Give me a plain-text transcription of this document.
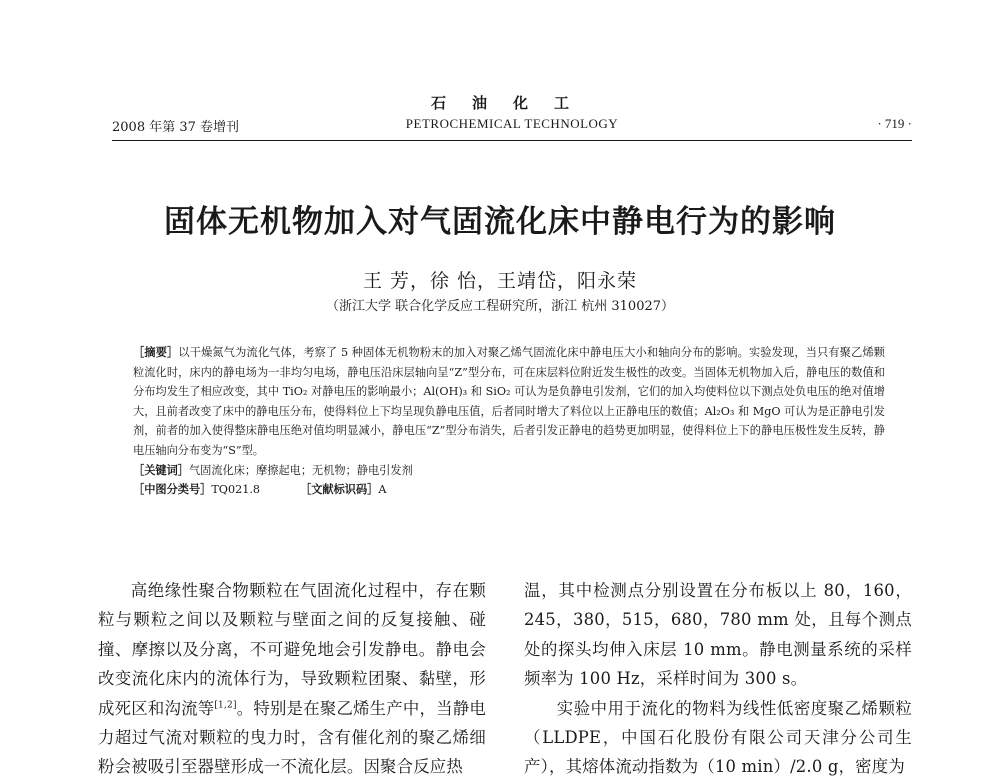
石油化工
2008 年第 37 卷增刊	PETROCHEMICAL TECHNOLOGY	· 719 ·
固体无机物加入对气固流化床中静电行为的影响
王 芳，徐 怡，王靖岱，阳永荣
（浙江大学 联合化学反应工程研究所，浙江 杭州 310027）

［摘要］以干燥氮气为流化气体，考察了 5 种固体无机物粉末的加入对聚乙烯气固流化床中静电压大小和轴向分布的影响。实验发现，当只有聚乙烯颗粒流化时，床内的静电场为一非均匀电场，静电压沿床层轴向呈“Z”型分布，可在床层料位附近发生极性的改变。当固体无机物加入后，静电压的数值和分布均发生了相应改变，其中 TiO₂ 对静电压的影响最小；Al(OH)₃ 和 SiO₂ 可认为是负静电引发剂，它们的加入均使料位以下测点处负电压的绝对值增大，且前者改变了床中的静电压分布，使得料位上下均呈现负静电压值，后者同时增大了料位以上正静电压的数值；Al₂O₃ 和 MgO 可认为是正静电引发剂，前者的加入使得整床静电压绝对值均明显减小，静电压“Z”型分布消失，后者引发正静电的趋势更加明显，使得料位上下的静电压极性发生反转，静电压轴向分布变为“S”型。

［关键词］气固流化床；摩擦起电；无机物；静电引发剂

［中图分类号］TQ021.8	［文献标识码］A

高绝缘性聚合物颗粒在气固流化过程中，存在颗粒与颗粒之间以及颗粒与壁面之间的反复接触、碰撞、摩擦以及分离，不可避免地会引发静电。静电会改变流化床内的流体行为，导致颗粒团聚、黏壁，形成死区和沟流等[1,2]。特别是在聚乙烯生产中，当静电力超过气流对颗粒的曳力时，含有催化剂的聚乙烯细粉会被吸引至器壁形成一不流化层。因聚合反应热

温，其中检测点分别设置在分布板以上 80，160，245，380，515，680，780 mm 处，且每个测点处的探头均伸入床层 10 mm。静电测量系统的采样频率为 100 Hz，采样时间为 300 s。

实验中用于流化的物料为线性低密度聚乙烯颗粒（LLDPE，中国石化股份有限公司天津分公司生产），其熔体流动指数为（10 min）/2.0 g，密度为
